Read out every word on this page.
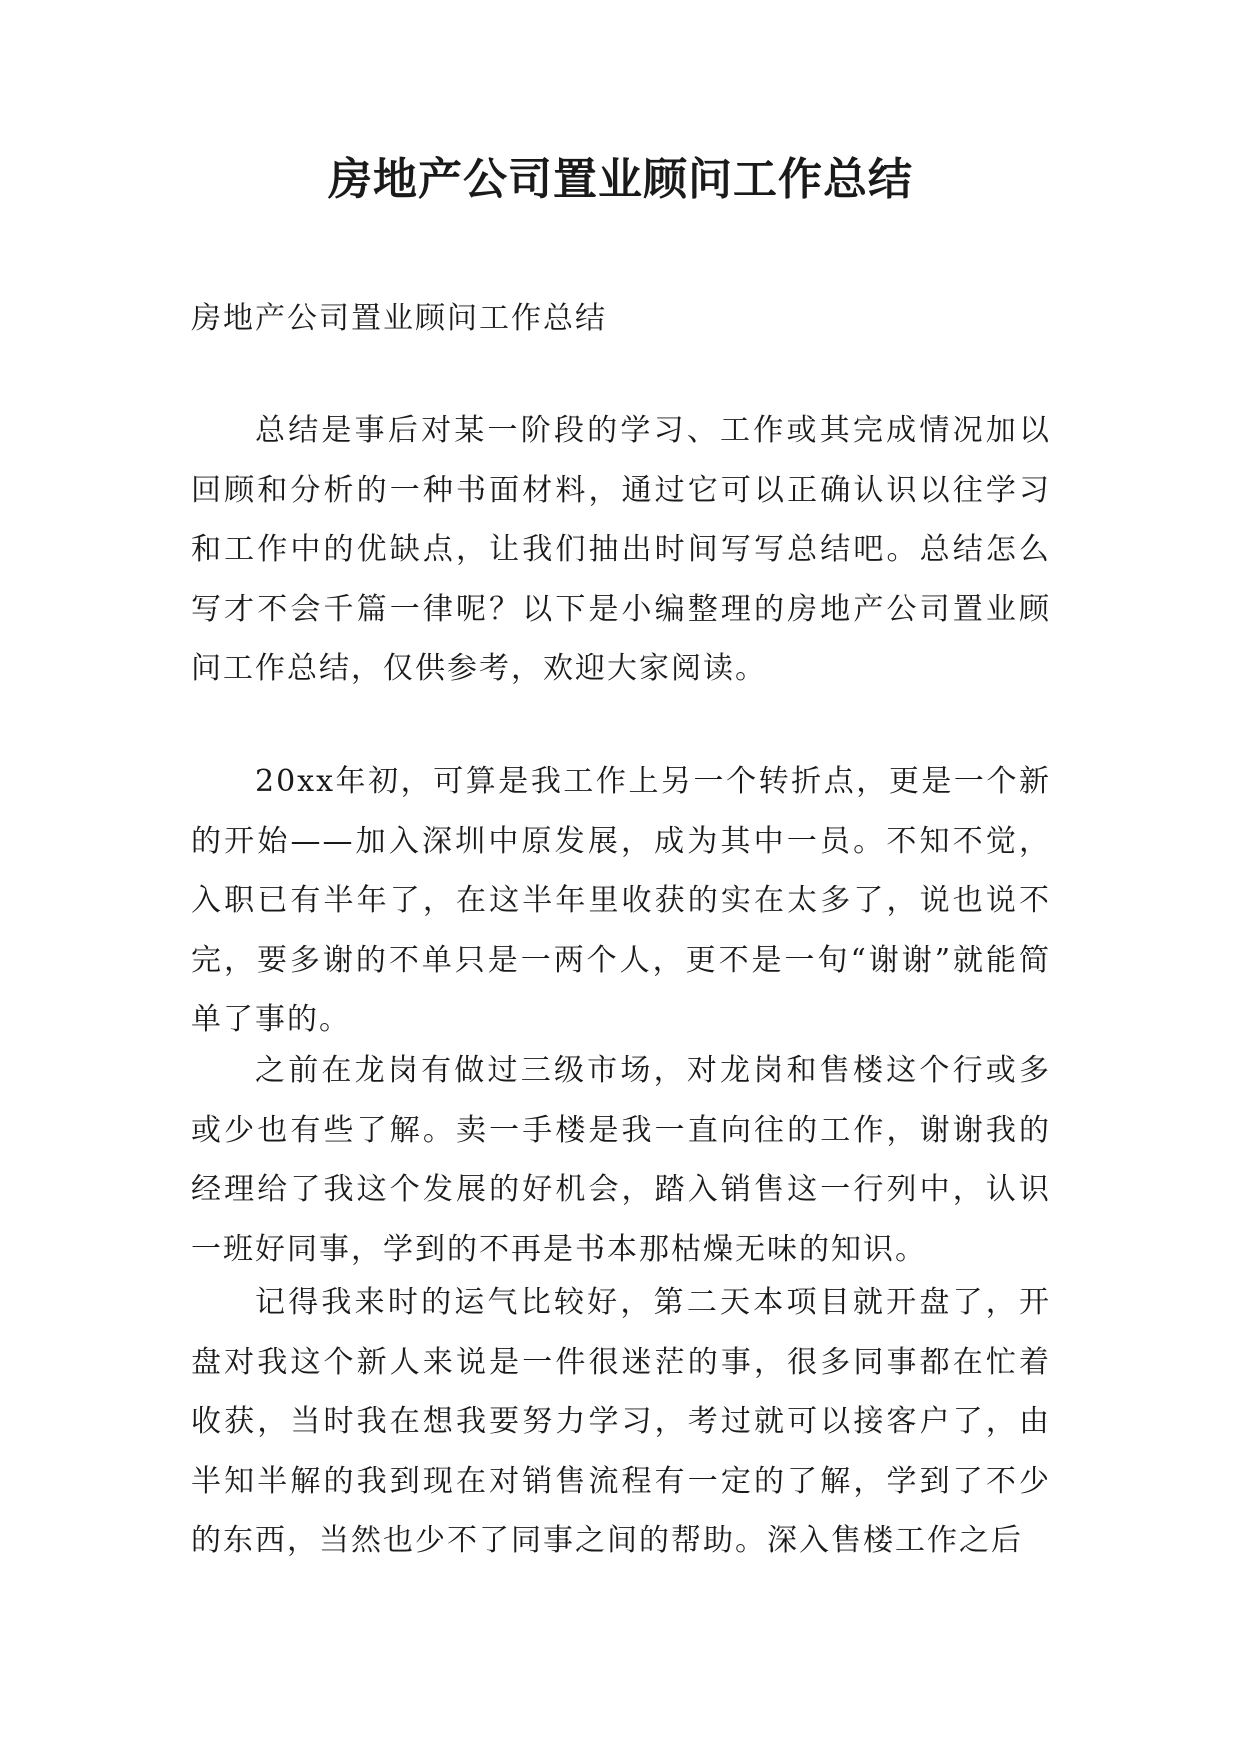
房地产公司置业顾问工作总结

房地产公司置业顾问工作总结

总结是事后对某一阶段的学习、工作或其完成情况加以回顾和分析的一种书面材料，通过它可以正确认识以往学习和工作中的优缺点，让我们抽出时间写写总结吧。总结怎么写才不会千篇一律呢？以下是小编整理的房地产公司置业顾问工作总结，仅供参考，欢迎大家阅读。

20xx年初，可算是我工作上另一个转折点，更是一个新的开始——加入深圳中原发展，成为其中一员。不知不觉，入职已有半年了，在这半年里收获的实在太多了，说也说不完，要多谢的不单只是一两个人，更不是一句“谢谢”就能简单了事的。

之前在龙岗有做过三级市场，对龙岗和售楼这个行或多或少也有些了解。卖一手楼是我一直向往的工作，谢谢我的经理给了我这个发展的好机会，踏入销售这一行列中，认识一班好同事，学到的不再是书本那枯燥无味的知识。

记得我来时的运气比较好，第二天本项目就开盘了，开盘对我这个新人来说是一件很迷茫的事，很多同事都在忙着收获，当时我在想我要努力学习，考过就可以接客户了，由半知半解的我到现在对销售流程有一定的了解，学到了不少的东西，当然也少不了同事之间的帮助。深入售楼工作之后
